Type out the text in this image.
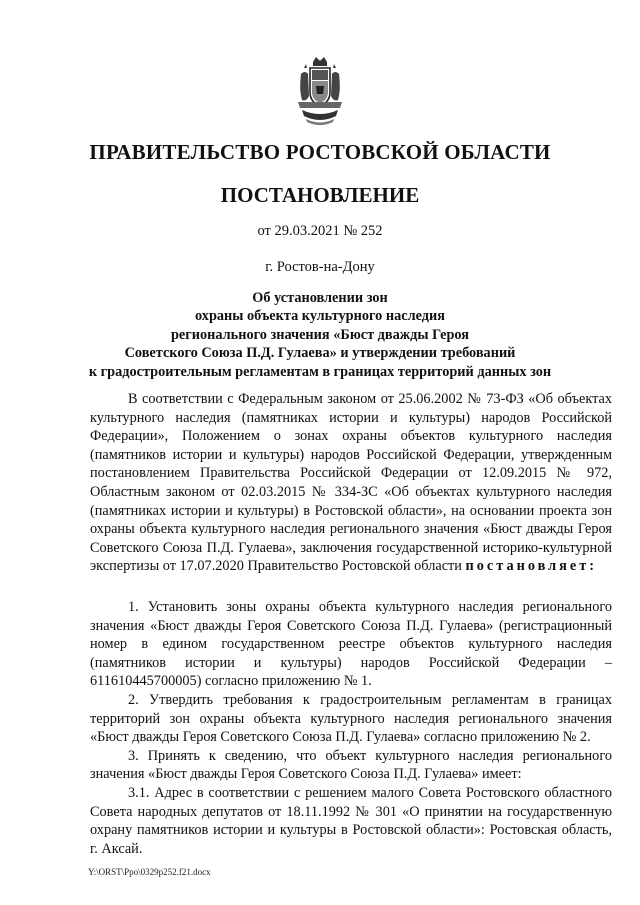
ПРАВИТЕЛЬСТВО РОСТОВСКОЙ ОБЛАСТИ
ПОСТАНОВЛЕНИЕ
от 29.03.2021 № 252
г. Ростов-на-Дону
Об установлении зон
охраны объекта культурного наследия
регионального значения «Бюст дважды Героя
Советского Союза П.Д. Гулаева» и утверждении требований
к градостроительным регламентам в границах территорий данных зон

В соответствии с Федеральным законом от 25.06.2002 № 73-ФЗ «Об объектах культурного наследия (памятниках истории и культуры) народов Российской Федерации», Положением о зонах охраны объектов культурного наследия (памятников истории и культуры) народов Российской Федерации, утвержденным постановлением Правительства Российской Федерации от 12.09.2015 № 972, Областным законом от 02.03.2015 № 334-ЗС «Об объектах культурного наследия (памятниках истории и культуры) в Ростовской области», на основании проекта зон охраны объекта культурного наследия регионального значения «Бюст дважды Героя Советского Союза П.Д. Гулаева», заключения государственной историко-культурной экспертизы от 17.07.2020 Правительство Ростовской области постановляет:

1. Установить зоны охраны объекта культурного наследия регионального значения «Бюст дважды Героя Советского Союза П.Д. Гулаева» (регистрационный номер в едином государственном реестре объектов культурного наследия (памятников истории и культуры) народов Российской Федерации – 611610445700005) согласно приложению № 1.

2. Утвердить требования к градостроительным регламентам в границах территорий зон охраны объекта культурного наследия регионального значения «Бюст дважды Героя Советского Союза П.Д. Гулаева» согласно приложению № 2.

3. Принять к сведению, что объект культурного наследия регионального значения «Бюст дважды Героя Советского Союза П.Д. Гулаева» имеет:

3.1. Адрес в соответствии с решением малого Совета Ростовского областного Совета народных депутатов от 18.11.1992 № 301 «О принятии на государственную охрану памятников истории и культуры в Ростовской области»: Ростовская область, г. Аксай.

Y:\ORST\Ppo\0329p252.f21.docx
